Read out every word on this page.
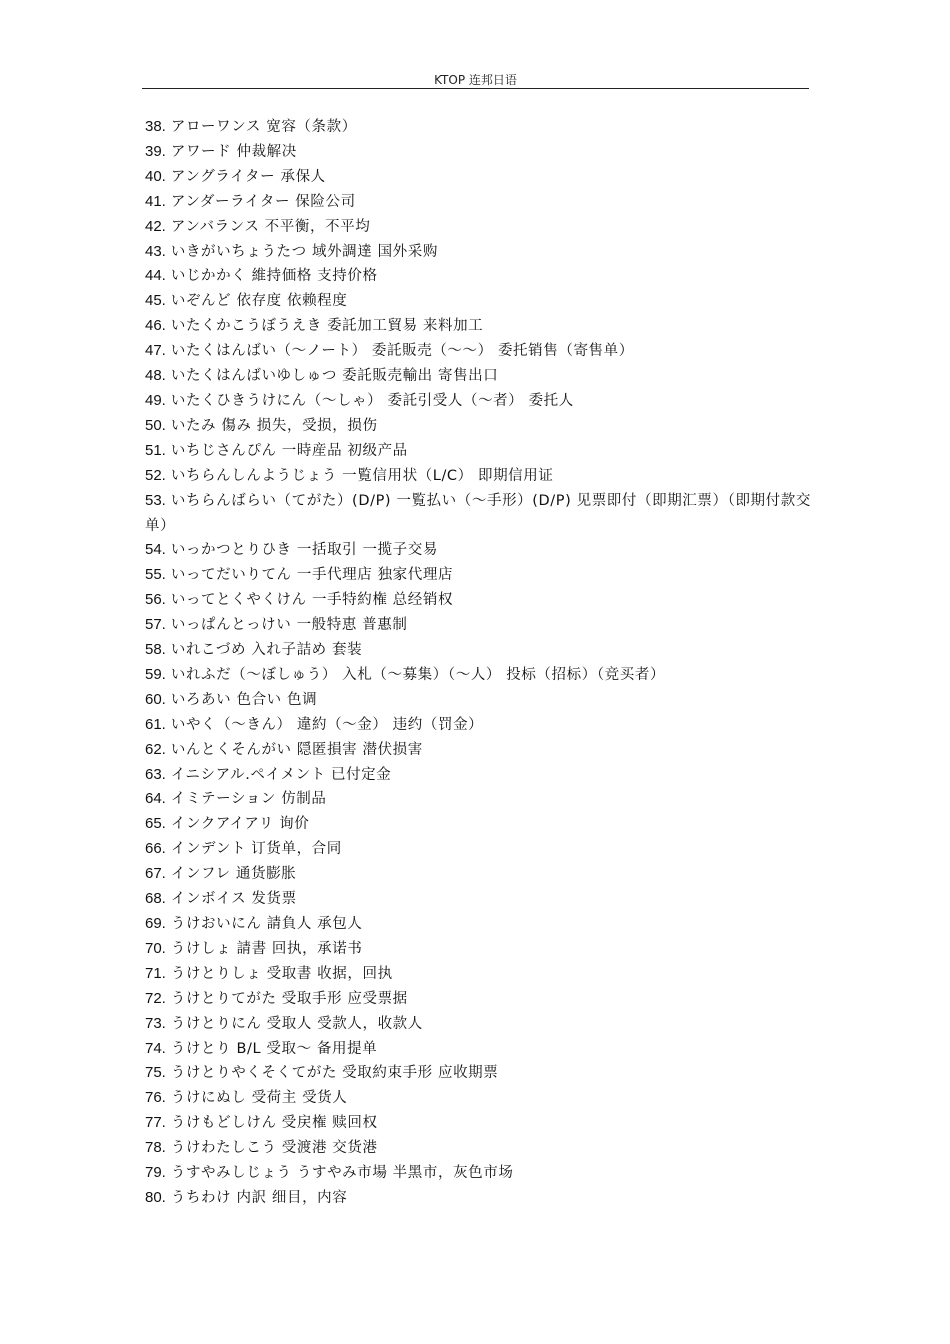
KTOP 连邦日语
38. アローワンス 宽容（条款）
39. アワード 仲裁解决
40. アングライター 承保人
41. アンダーライター 保险公司
42. アンバランス 不平衡，不平均
43. いきがいちょうたつ 域外調達 国外采购
44. いじかかく 維持価格 支持价格
45. いぞんど 依存度 依赖程度
46. いたくかこうぼうえき 委託加工貿易 来料加工
47. いたくはんばい（～ノート） 委託販売（～～） 委托销售（寄售单）
48. いたくはんばいゆしゅつ 委託販売輸出 寄售出口
49. いたくひきうけにん（～しゃ） 委託引受人（～者） 委托人
50. いたみ 傷み 损失，受损，损伤
51. いちじさんぴん 一時産品 初级产品
52. いちらんしんようじょう 一覧信用状（L/C） 即期信用证
53. いちらんばらい（てがた）(D/P) 一覧払い（～手形）(D/P) 见票即付（即期汇票）（即期付款交单）
54. いっかつとりひき 一括取引 一揽子交易
55. いってだいりてん 一手代理店 独家代理店
56. いってとくやくけん 一手特約権 总经销权
57. いっぱんとっけい 一般特恵 普惠制
58. いれこづめ 入れ子詰め 套装
59. いれふだ（～ぼしゅう） 入札（～募集）（～人） 投标（招标）（竞买者）
60. いろあい 色合い 色调
61. いやく（～きん） 違約（～金） 违约（罚金）
62. いんとくそんがい 隠匿損害 潜伏损害
63. イニシアル.ペイメント 已付定金
64. イミテーション 仿制品
65. インクアイアリ 询价
66. インデント 订货单，合同
67. インフレ 通货膨胀
68. インボイス 发货票
69. うけおいにん 請負人 承包人
70. うけしょ 請書 回执，承诺书
71. うけとりしょ 受取書 收据，回执
72. うけとりてがた 受取手形 应受票据
73. うけとりにん 受取人 受款人，收款人
74. うけとり B/L 受取～ 备用提单
75. うけとりやくそくてがた 受取約束手形 应收期票
76. うけにぬし 受荷主 受货人
77. うけもどしけん 受戻権 赎回权
78. うけわたしこう 受渡港 交货港
79. うすやみしじょう うすやみ市場 半黑市，灰色市场
80. うちわけ 内訳 细目，内容
